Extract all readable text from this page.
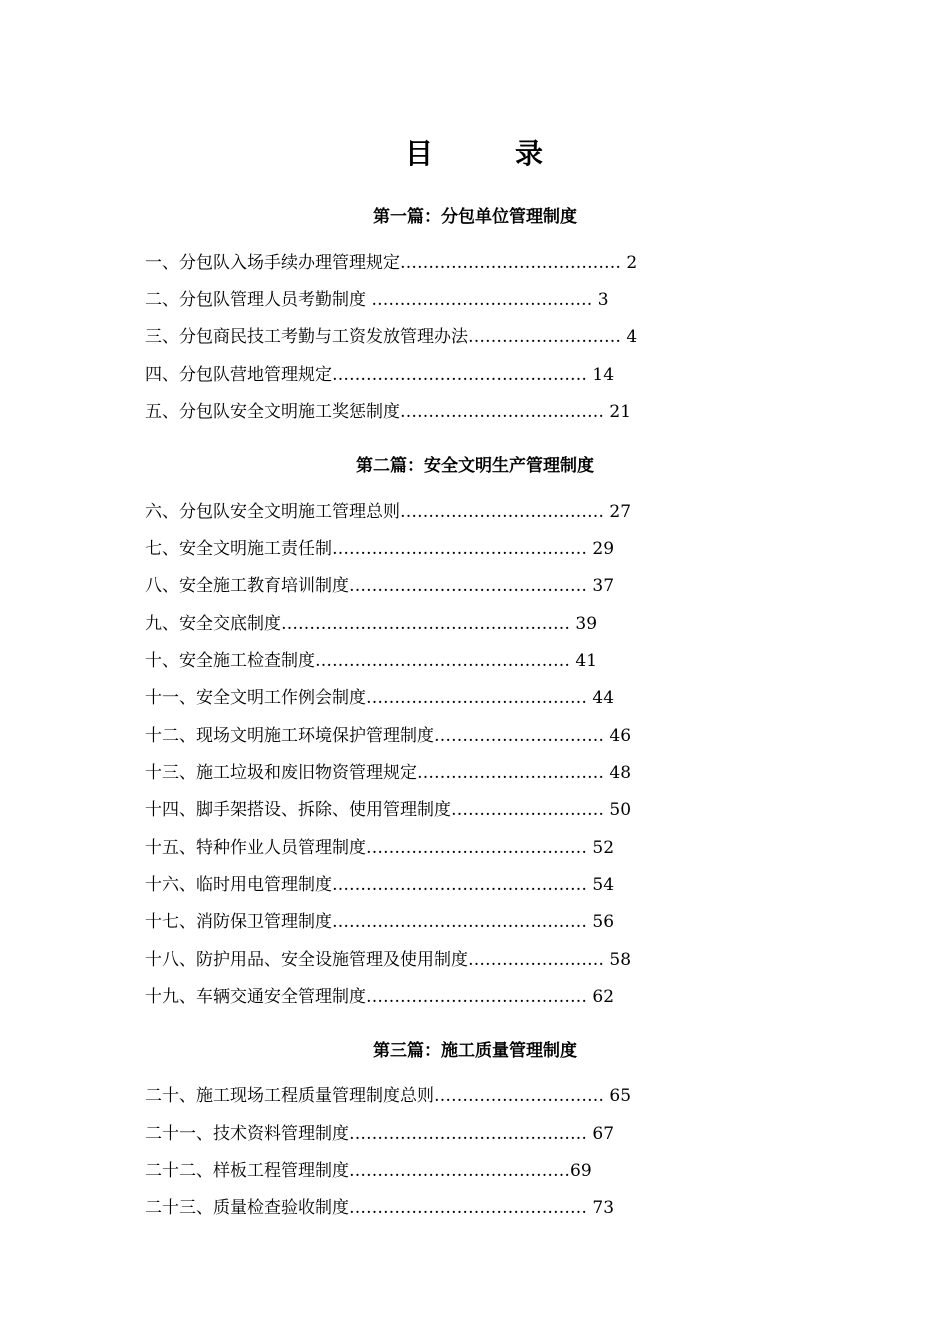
目	录
第一篇：分包单位管理制度
一、分包队入场手续办理管理规定………………………………… 2
二、分包队管理人员考勤制度 ………………………………… 3
三、分包商民技工考勤与工资发放管理办法……………………… 4
四、分包队营地管理规定……………………………………… 14
五、分包队安全文明施工奖惩制度……………………………… 21
第二篇：安全文明生产管理制度
六、分包队安全文明施工管理总则……………………………… 27
七、安全文明施工责任制……………………………………… 29
八、安全施工教育培训制度…………………………………… 37
九、安全交底制度…………………………………………… 39
十、安全施工检查制度……………………………………… 41
十一、安全文明工作例会制度………………………………… 44
十二、现场文明施工环境保护管理制度………………………… 46
十三、施工垃圾和废旧物资管理规定…………………………… 48
十四、脚手架搭设、拆除、使用管理制度……………………… 50
十五、特种作业人员管理制度………………………………… 52
十六、临时用电管理制度……………………………………… 54
十七、消防保卫管理制度……………………………………… 56
十八、防护用品、安全设施管理及使用制度…………………… 58
十九、车辆交通安全管理制度………………………………… 62
第三篇：施工质量管理制度
二十、施工现场工程质量管理制度总则………………………… 65
二十一、技术资料管理制度…………………………………… 67
二十二、样板工程管理制度…………………………………69
二十三、质量检查验收制度…………………………………… 73
